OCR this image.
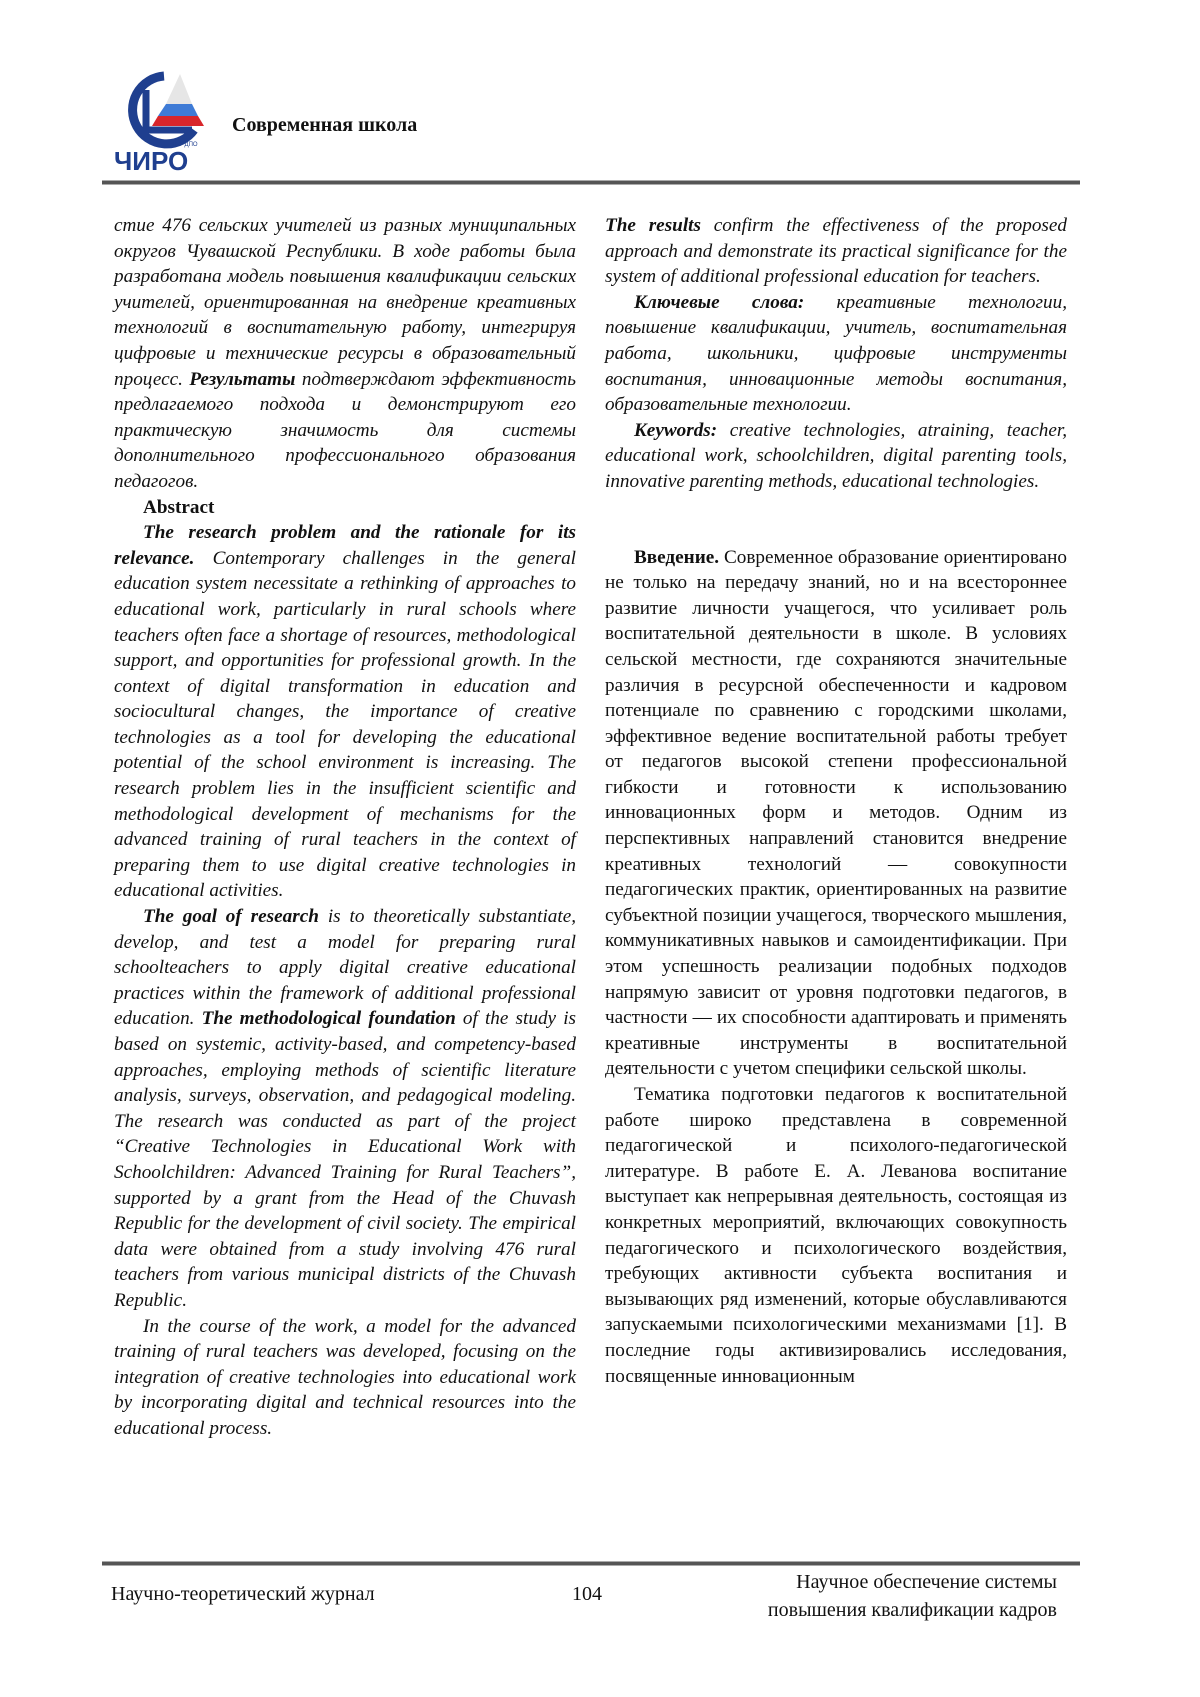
ГБУ ДПО
ЧИРО
Современная школа

стие 476 сельских учителей из разных муниципальных округов Чувашской Республики. В ходе работы была разработана модель повышения квалификации сельских учителей, ориентированная на внедрение креативных технологий в воспитательную работу, интегрируя цифровые и технические ресурсы в образовательный процесс. Результаты подтверждают эффективность предлагаемого подхода и демонстрируют его практическую значимость для системы дополнительного профессионального образования педагогов.

Abstract

The research problem and the rationale for its relevance. Contemporary challenges in the general education system necessitate a rethinking of approaches to educational work, particularly in rural schools where teachers often face a shortage of resources, methodological support, and opportunities for professional growth. In the context of digital transformation in education and sociocultural changes, the importance of creative technologies as a tool for developing the educational potential of the school environment is increasing. The research problem lies in the insufficient scientific and methodological development of mechanisms for the advanced training of rural teachers in the context of preparing them to use digital creative technologies in educational activities.

The goal of research is to theoretically substantiate, develop, and test a model for preparing rural schoolteachers to apply digital creative educational practices within the framework of additional professional education. The methodological foundation of the study is based on systemic, activity-based, and competency-based approaches, employing methods of scientific literature analysis, surveys, observation, and pedagogical modeling. The research was conducted as part of the project “Creative Technologies in Educational Work with Schoolchildren: Advanced Training for Rural Teachers”, supported by a grant from the Head of the Chuvash Republic for the development of civil society. The empirical data were obtained from a study involving 476 rural teachers from various municipal districts of the Chuvash Republic.

In the course of the work, a model for the advanced training of rural teachers was developed, focusing on the integration of creative technologies into educational work by incorporating digital and technical resources into the educational process.

The results confirm the effectiveness of the proposed approach and demonstrate its practical significance for the system of additional professional education for teachers.

Ключевые слова: креативные технологии, повышение квалификации, учитель, воспитательная работа, школьники, цифровые инструменты воспитания, инновационные методы воспитания, образовательные технологии.

Keywords: creative technologies, atraining, teacher, educational work, schoolchildren, digital parenting tools, innovative parenting methods, educational technologies.

Введение. Современное образование ориентировано не только на передачу знаний, но и на всестороннее развитие личности учащегося, что усиливает роль воспитательной деятельности в школе. В условиях сельской местности, где сохраняются значительные различия в ресурсной обеспеченности и кадровом потенциале по сравнению с городскими школами, эффективное ведение воспитательной работы требует от педагогов высокой степени профессиональной гибкости и готовности к использованию инновационных форм и методов. Одним из перспективных направлений становится внедрение креативных технологий — совокупности педагогических практик, ориентированных на развитие субъектной позиции учащегося, творческого мышления, коммуникативных навыков и самоидентификации. При этом успешность реализации подобных подходов напрямую зависит от уровня подготовки педагогов, в частности — их способности адаптировать и применять креативные инструменты в воспитательной деятельности с учетом специфики сельской школы.

Тематика подготовки педагогов к воспитательной работе широко представлена в современной педагогической и психолого-педагогической литературе. В работе Е. А. Леванова воспитание выступает как непрерывная деятельность, состоящая из конкретных мероприятий, включающих совокупность педагогического и психологического воздействия, требующих активности субъекта воспитания и вызывающих ряд изменений, которые обуславливаются запускаемыми психологическими механизмами [1]. В последние годы активизировались исследования, посвященные инновационным

Научно-теоретический журнал	104
Научное обеспечение системы
повышения квалификации кадров
